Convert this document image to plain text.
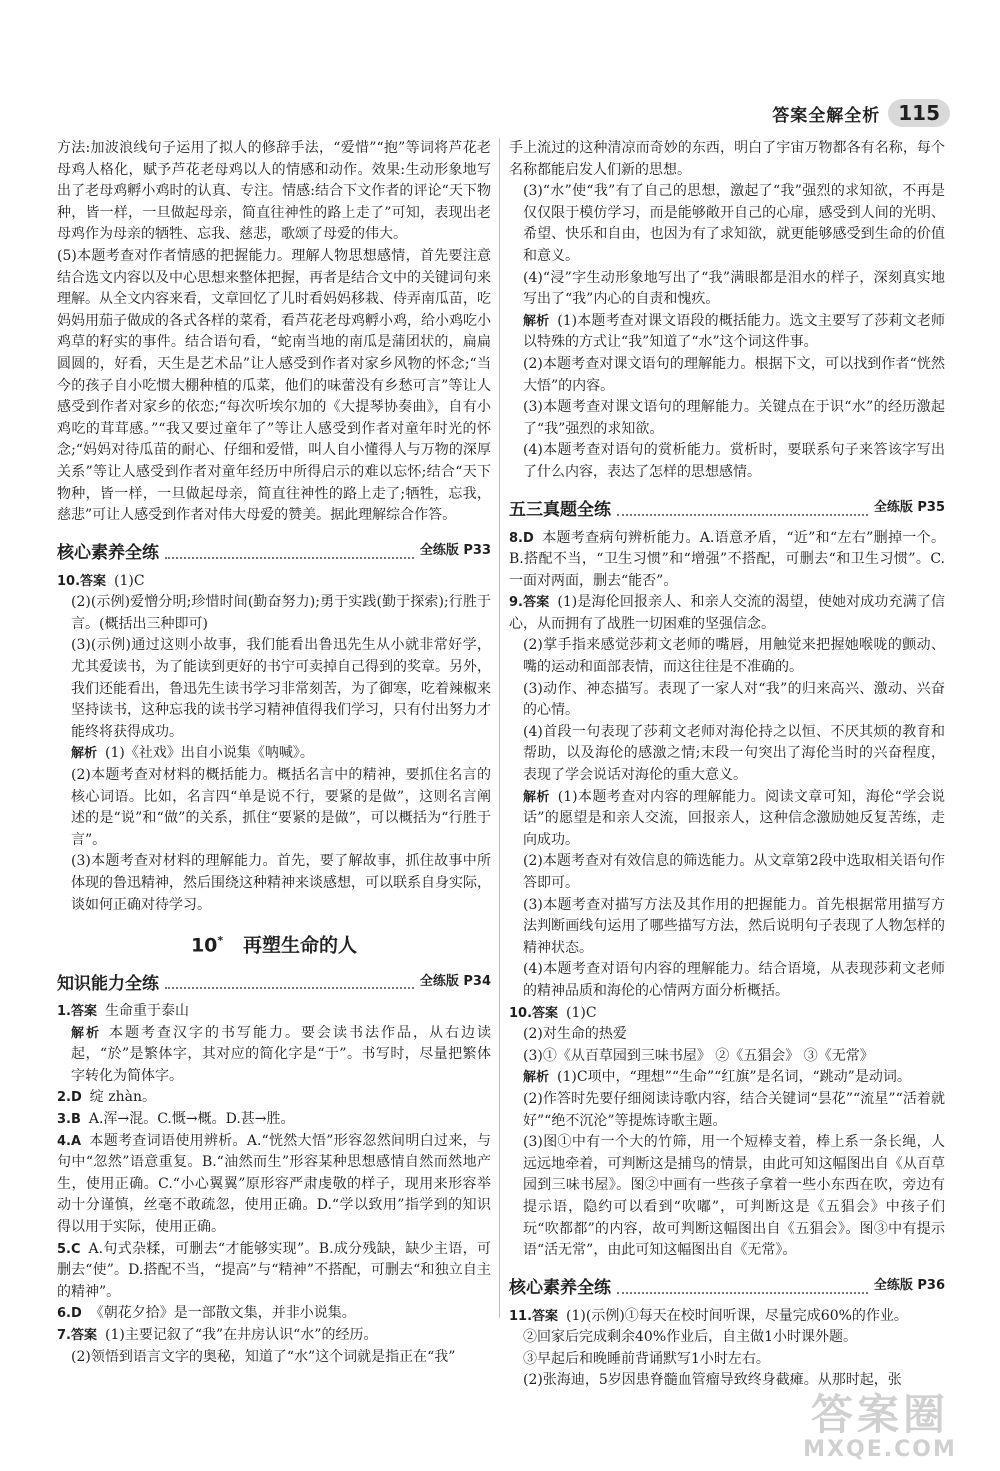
答案全解全析 115

方法:加波浪线句子运用了拟人的修辞手法，“爱惜”“抱”等词将芦花老母鸡人格化，赋予芦花老母鸡以人的情感和动作。效果:生动形象地写出了老母鸡孵小鸡时的认真、专注。情感:结合下文作者的评论“天下物种，皆一样，一旦做起母亲，简直往神性的路上走了”可知，表现出老母鸡作为母亲的牺牲、忘我、慈悲，歌颂了母爱的伟大。

(5)本题考查对作者情感的把握能力。理解人物思想感情，首先要注意结合选文内容以及中心思想来整体把握，再者是结合文中的关键词句来理解。从全文内容来看，文章回忆了儿时看妈妈移栽、侍弄南瓜苗，吃妈妈用茄子做成的各式各样的菜肴，看芦花老母鸡孵小鸡，给小鸡吃小鸡草的籽实的事件。结合语句看，“蛇南当地的南瓜是蒲团状的，扁扁圆圆的，好看，天生是艺术品”让人感受到作者对家乡风物的怀念;“当今的孩子自小吃惯大棚种植的瓜菜，他们的味蕾没有乡愁可言”等让人感受到作者对家乡的依恋;“每次听埃尔加的《大提琴协奏曲》，自有小鸡吃的茸茸感。”“我又要过童年了”等让人感受到作者对童年时光的怀念;“妈妈对待瓜苗的耐心、仔细和爱惜，叫人自小懂得人与万物的深厚关系”等让人感受到作者对童年经历中所得启示的难以忘怀;结合“天下物种，皆一样，一旦做起母亲，简直往神性的路上走了;牺牲，忘我，慈悲”可让人感受到作者对伟大母爱的赞美。据此理解综合作答。

核心素养全练	全练版 P33

10.答案 (1)C

(2)(示例)爱憎分明;珍惜时间(勤奋努力);勇于实践(勤于探索);行胜于言。(概括出三种即可)

(3)(示例)通过这则小故事，我们能看出鲁迅先生从小就非常好学，尤其爱读书，为了能读到更好的书宁可卖掉自己得到的奖章。另外，我们还能看出，鲁迅先生读书学习非常刻苦，为了御寒，吃着辣椒来坚持读书，这种忘我的读书学习精神值得我们学习，只有付出努力才能终将获得成功。

解析 (1)《社戏》出自小说集《呐喊》。

(2)本题考查对材料的概括能力。概括名言中的精神，要抓住名言的核心词语。比如，名言四“单是说不行，要紧的是做”，这则名言阐述的是“说”和“做”的关系，抓住“要紧的是做”，可以概括为“行胜于言”。

(3)本题考查对材料的理解能力。首先，要了解故事，抓住故事中所体现的鲁迅精神，然后围绕这种精神来谈感想，可以联系自身实际，谈如何正确对待学习。

10* 再塑生命的人
知识能力全练	全练版 P34

1.答案 生命重于泰山

解析 本题考查汉字的书写能力。要会读书法作品，从右边读起，“於”是繁体字，其对应的简化字是“于”。书写时，尽量把繁体字转化为简体字。

2.D 绽 zhàn。

3.B A.浑→混。C.慨→概。D.甚→胜。

4.A 本题考查词语使用辨析。A.“恍然大悟”形容忽然间明白过来，与句中“忽然”语意重复。B.“油然而生”形容某种思想感情自然而然地产生，使用正确。C.“小心翼翼”原形容严肃虔敬的样子，现用来形容举动十分谨慎，丝毫不敢疏忽，使用正确。D.“学以致用”指学到的知识得以用于实际，使用正确。

5.C A.句式杂糅，可删去“才能够实现”。B.成分残缺，缺少主语，可删去“使”。D.搭配不当，“提高”与“精神”不搭配，可删去“和独立自主的精神”。

6.D 《朝花夕拾》是一部散文集，并非小说集。

7.答案 (1)主要记叙了“我”在井房认识“水”的经历。

(2)领悟到语言文字的奥秘，知道了“水”这个词就是指正在“我”

手上流过的这种清凉而奇妙的东西，明白了宇宙万物都各有名称，每个名称都能启发人们新的思想。

(3)“水”使“我”有了自己的思想，激起了“我”强烈的求知欲，不再是仅仅限于模仿学习，而是能够敞开自己的心扉，感受到人间的光明、希望、快乐和自由，也因为有了求知欲，就更能够感受到生命的价值和意义。

(4)“浸”字生动形象地写出了“我”满眼都是泪水的样子，深刻真实地写出了“我”内心的自责和愧疚。

解析 (1)本题考查对课文语段的概括能力。选文主要写了莎莉文老师以特殊的方式让“我”知道了“水”这个词这件事。

(2)本题考查对课文语句的理解能力。根据下文，可以找到作者“恍然大悟”的内容。

(3)本题考查对课文语句的理解能力。关键点在于识“水”的经历激起了“我”强烈的求知欲。

(4)本题考查对语句的赏析能力。赏析时，要联系句子来答该字写出了什么内容，表达了怎样的思想感情。

五三真题全练	全练版 P35

8.D 本题考查病句辨析能力。A.语意矛盾，“近”和“左右”删掉一个。B.搭配不当，“卫生习惯”和“增强”不搭配，可删去“和卫生习惯”。C.一面对两面，删去“能否”。

9.答案 (1)是海伦回报亲人、和亲人交流的渴望，使她对成功充满了信心，从而拥有了战胜一切困难的坚强信念。

(2)掌手指来感觉莎莉文老师的嘴唇，用触觉来把握她喉咙的颤动、嘴的运动和面部表情，而这往往是不准确的。

(3)动作、神态描写。表现了一家人对“我”的归来高兴、激动、兴奋的心情。

(4)首段一句表现了莎莉文老师对海伦持之以恒、不厌其烦的教育和帮助，以及海伦的感激之情;末段一句突出了海伦当时的兴奋程度，表现了学会说话对海伦的重大意义。

解析 (1)本题考查对内容的理解能力。阅读文章可知，海伦“学会说话”的愿望是和亲人交流，回报亲人，这种信念激励她反复苦练，走向成功。

(2)本题考查对有效信息的筛选能力。从文章第2段中选取相关语句作答即可。

(3)本题考查对描写方法及其作用的把握能力。首先根据常用描写方法判断画线句运用了哪些描写方法，然后说明句子表现了人物怎样的精神状态。

(4)本题考查对语句内容的理解能力。结合语境，从表现莎莉文老师的精神品质和海伦的心情两方面分析概括。

10.答案 (1)C

(2)对生命的热爱

(3)①《从百草园到三味书屋》 ②《五猖会》 ③《无常》

解析 (1)C项中，“理想”“生命”“红旗”是名词，“跳动”是动词。

(2)作答时先要仔细阅读诗歌内容，结合关键词“昙花”“流星”“活着就好”“绝不沉沦”等提炼诗歌主题。

(3)图①中有一个大的竹筛，用一个短棒支着，棒上系一条长绳，人远远地牵着，可判断这是捕鸟的情景，由此可知这幅图出自《从百草园到三味书屋》。图②中画有一些孩子拿着一些小东西在吹，旁边有提示语，隐约可以看到“吹嘟”，可判断这是《五猖会》中孩子们玩“吹都都”的内容，故可判断这幅图出自《五猖会》。图③中有提示语“活无常”，由此可知这幅图出自《无常》。

核心素养全练	全练版 P36

11.答案 (1)(示例)①每天在校时间听课，尽量完成60%的作业。

②回家后完成剩余40%作业后，自主做1小时课外题。

③早起后和晚睡前背诵默写1小时左右。

(2)张海迪，5岁因患脊髓血管瘤导致终身截瘫。从那时起，张

答案圈
MXQE.COM
